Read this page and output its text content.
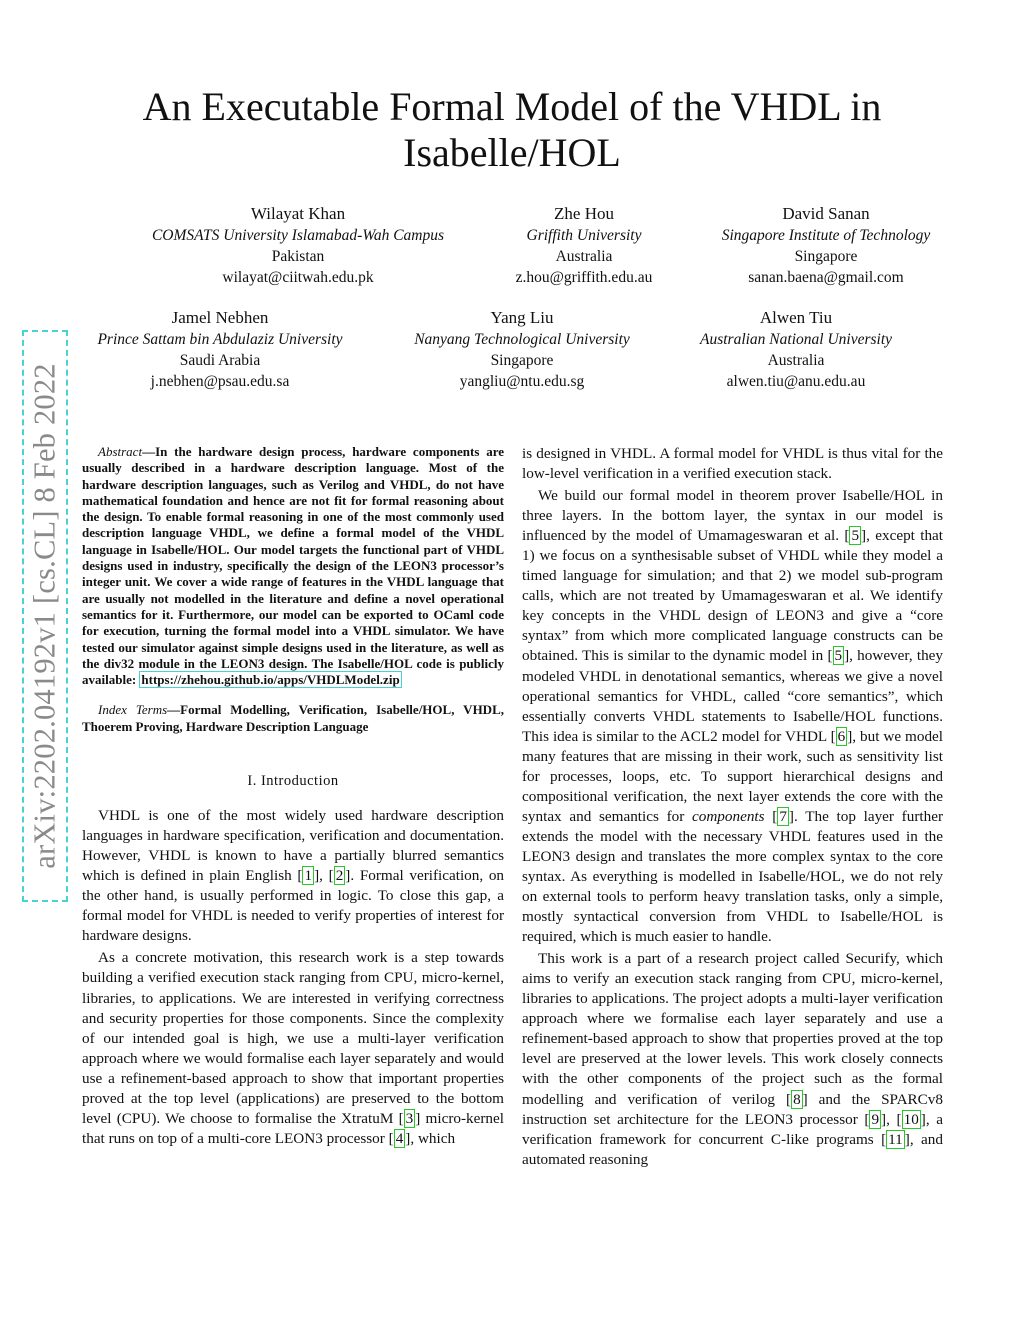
An Executable Formal Model of the VHDL in
Isabelle/HOL
Wilayat Khan
COMSATS University Islamabad-Wah Campus
Pakistan
wilayat@ciitwah.edu.pk
Zhe Hou
Griffith University
Australia
z.hou@griffith.edu.au
David Sanan
Singapore Institute of Technology
Singapore
sanan.baena@gmail.com
Jamel Nebhen
Prince Sattam bin Abdulaziz University
Saudi Arabia
j.nebhen@psau.edu.sa
Yang Liu
Nanyang Technological University
Singapore
yangliu@ntu.edu.sg
Alwen Tiu
Australian National University
Australia
alwen.tiu@anu.edu.au
arXiv:2202.04192v1 [cs.CL] 8 Feb 2022	Abstract—In the hardware design process, hardware components are usually described in a hardware description language. Most of the hardware description languages, such as Verilog and VHDL, do not have mathematical foundation and hence are not fit for formal reasoning about the design. To enable formal reasoning in one of the most commonly used description language VHDL, we define a formal model of the VHDL language in Isabelle/HOL. Our model targets the functional part of VHDL designs used in industry, specifically the design of the LEON3 processor’s integer unit. We cover a wide range of features in the VHDL language that are usually not modelled in the literature and define a novel operational semantics for it. Furthermore, our model can be exported to OCaml code for execution, turning the formal model into a VHDL simulator. We have tested our simulator against simple designs used in the literature, as well as the div32 module in the LEON3 design. The Isabelle/HOL code is publicly available: https://zhehou.github.io/apps/VHDLModel.zip

Index Terms—Formal Modelling, Verification, Isabelle/HOL, VHDL, Thoerem Proving, Hardware Description Language

I. Introduction

VHDL is one of the most widely used hardware description languages in hardware specification, verification and documentation. However, VHDL is known to have a partially blurred semantics which is defined in plain English [ 1 ], [ 2 ]. Formal verification, on the other hand, is usually performed in logic. To close this gap, a formal model for VHDL is needed to verify properties of interest for hardware designs.

As a concrete motivation, this research work is a step towards building a verified execution stack ranging from CPU, micro-kernel, libraries, to applications. We are interested in verifying correctness and security properties for those components. Since the complexity of our intended goal is high, we use a multi-layer verification approach where we would formalise each layer separately and would use a refinement-based approach to show that important properties proved at the top level (applications) are preserved to the bottom level (CPU). We choose to formalise the XtratuM [ 3 ] micro-kernel that runs on top of a multi-core LEON3 processor [ 4 ], which

is designed in VHDL. A formal model for VHDL is thus vital for the low-level verification in a verified execution stack.

We build our formal model in theorem prover Isabelle/HOL in three layers. In the bottom layer, the syntax in our model is influenced by the model of Umamageswaran et al. [ 5 ], except that 1) we focus on a synthesisable subset of VHDL while they model a timed language for simulation; and that 2) we model sub-program calls, which are not treated by Umamageswaran et al. We identify key concepts in the VHDL design of LEON3 and give a “core syntax” from which more complicated language constructs can be obtained. This is similar to the dynamic model in [ 5 ], however, they modeled VHDL in denotational semantics, whereas we give a novel operational semantics for VHDL, called “core semantics”, which essentially converts VHDL statements to Isabelle/HOL functions. This idea is similar to the ACL2 model for VHDL [ 6 ], but we model many features that are missing in their work, such as sensitivity list for processes, loops, etc. To support hierarchical designs and compositional verification, the next layer extends the core with the syntax and semantics for components [ 7 ]. The top layer further extends the model with the necessary VHDL features used in the LEON3 design and translates the more complex syntax to the core syntax. As everything is modelled in Isabelle/HOL, we do not rely on external tools to perform heavy translation tasks, only a simple, mostly syntactical conversion from VHDL to Isabelle/HOL is required, which is much easier to handle.

This work is a part of a research project called Securify, which aims to verify an execution stack ranging from CPU, micro-kernel, libraries to applications. The project adopts a multi-layer verification approach where we formalise each layer separately and use a refinement-based approach to show that properties proved at the top level are preserved at the lower levels. This work closely connects with the other components of the project such as the formal modelling and verification of verilog [ 8 ] and the SPARCv8 instruction set architecture for the LEON3 processor [ 9 ], [ 10 ], a verification framework for concurrent C-like programs [ 11 ], and automated reasoning
